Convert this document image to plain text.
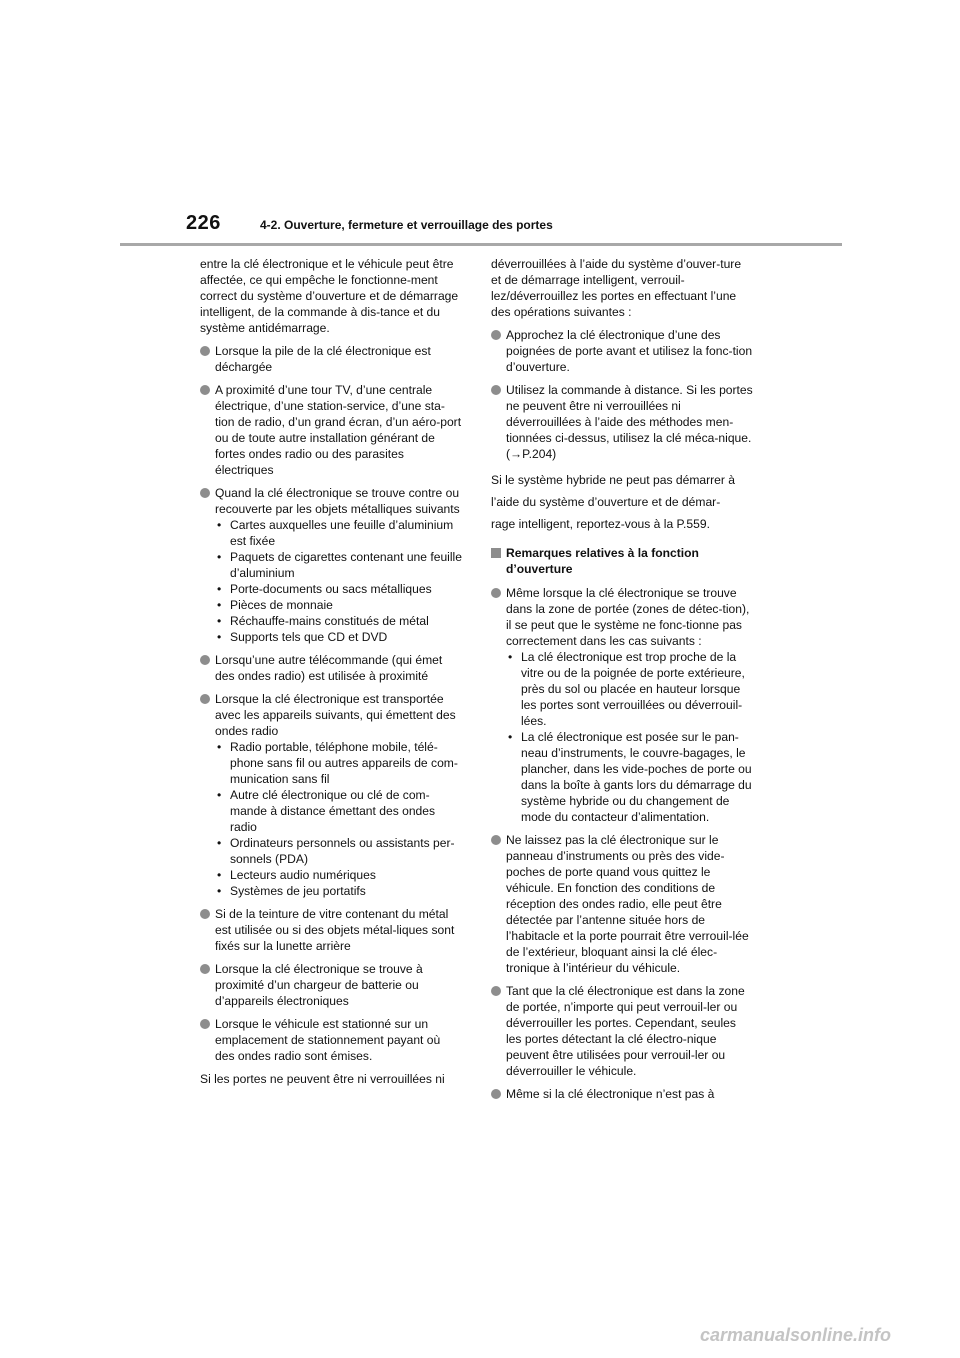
226	4-2. Ouverture, fermeture et verrouillage des portes

entre la clé électronique et le véhicule peut être affectée, ce qui empêche le fonctionne-ment correct du système d’ouverture et de démarrage intelligent, de la commande à dis-tance et du système antidémarrage.

Lorsque la pile de la clé électronique est déchargée
A proximité d’une tour TV, d’une centrale électrique, d’une station-service, d’une sta-tion de radio, d’un grand écran, d’un aéro-port ou de toute autre installation générant de fortes ondes radio ou des parasites électriques
Quand la clé électronique se trouve contre ou recouverte par les objets métalliques suivants
• Cartes auxquelles une feuille d’aluminium est fixée
• Paquets de cigarettes contenant une feuille d’aluminium
• Porte-documents ou sacs métalliques
• Pièces de monnaie
• Réchauffe-mains constitués de métal
• Supports tels que CD et DVD
Lorsqu’une autre télécommande (qui émet des ondes radio) est utilisée à proximité
Lorsque la clé électronique est transportée avec les appareils suivants, qui émettent des ondes radio
• Radio portable, téléphone mobile, télé-phone sans fil ou autres appareils de com-munication sans fil
• Autre clé électronique ou clé de com-mande à distance émettant des ondes radio
• Ordinateurs personnels ou assistants per-sonnels (PDA)
• Lecteurs audio numériques
• Systèmes de jeu portatifs
Si de la teinture de vitre contenant du métal est utilisée ou si des objets métal-liques sont fixés sur la lunette arrière
Lorsque la clé électronique se trouve à proximité d’un chargeur de batterie ou d’appareils électroniques
Lorsque le véhicule est stationné sur un emplacement de stationnement payant où des ondes radio sont émises.

Si les portes ne peuvent être ni verrouillées ni

déverrouillées à l’aide du système d’ouver-ture et de démarrage intelligent, verrouil-lez/déverrouillez les portes en effectuant l’une des opérations suivantes :

Approchez la clé électronique d’une des poignées de porte avant et utilisez la fonc-tion d’ouverture.
Utilisez la commande à distance. Si les portes ne peuvent être ni verrouillées ni déverrouillées à l’aide des méthodes men-tionnées ci-dessus, utilisez la clé méca-nique. (→P.204)
Si le système hybride ne peut pas démarrer à
l’aide du système d’ouverture et de démar-
rage intelligent, reportez-vous à la P.559.
Remarques relatives à la fonction d’ouverture
Même lorsque la clé électronique se trouve dans la zone de portée (zones de détec-tion), il se peut que le système ne fonc-tionne pas correctement dans les cas suivants :
• La clé électronique est trop proche de la vitre ou de la poignée de porte extérieure, près du sol ou placée en hauteur lorsque les portes sont verrouillées ou déverrouil-lées.
• La clé électronique est posée sur le pan-neau d’instruments, le couvre-bagages, le plancher, dans les vide-poches de porte ou dans la boîte à gants lors du démarrage du système hybride ou du changement de mode du contacteur d’alimentation.
Ne laissez pas la clé électronique sur le panneau d’instruments ou près des vide-poches de porte quand vous quittez le véhicule. En fonction des conditions de réception des ondes radio, elle peut être détectée par l’antenne située hors de l’habitacle et la porte pourrait être verrouil-lée de l’extérieur, bloquant ainsi la clé élec-tronique à l’intérieur du véhicule.
Tant que la clé électronique est dans la zone de portée, n’importe qui peut verrouil-ler ou déverrouiller les portes. Cependant, seules les portes détectant la clé électro-nique peuvent être utilisées pour verrouil-ler ou déverrouiller le véhicule.
Même si la clé électronique n’est pas à
carmanualsonline.info
